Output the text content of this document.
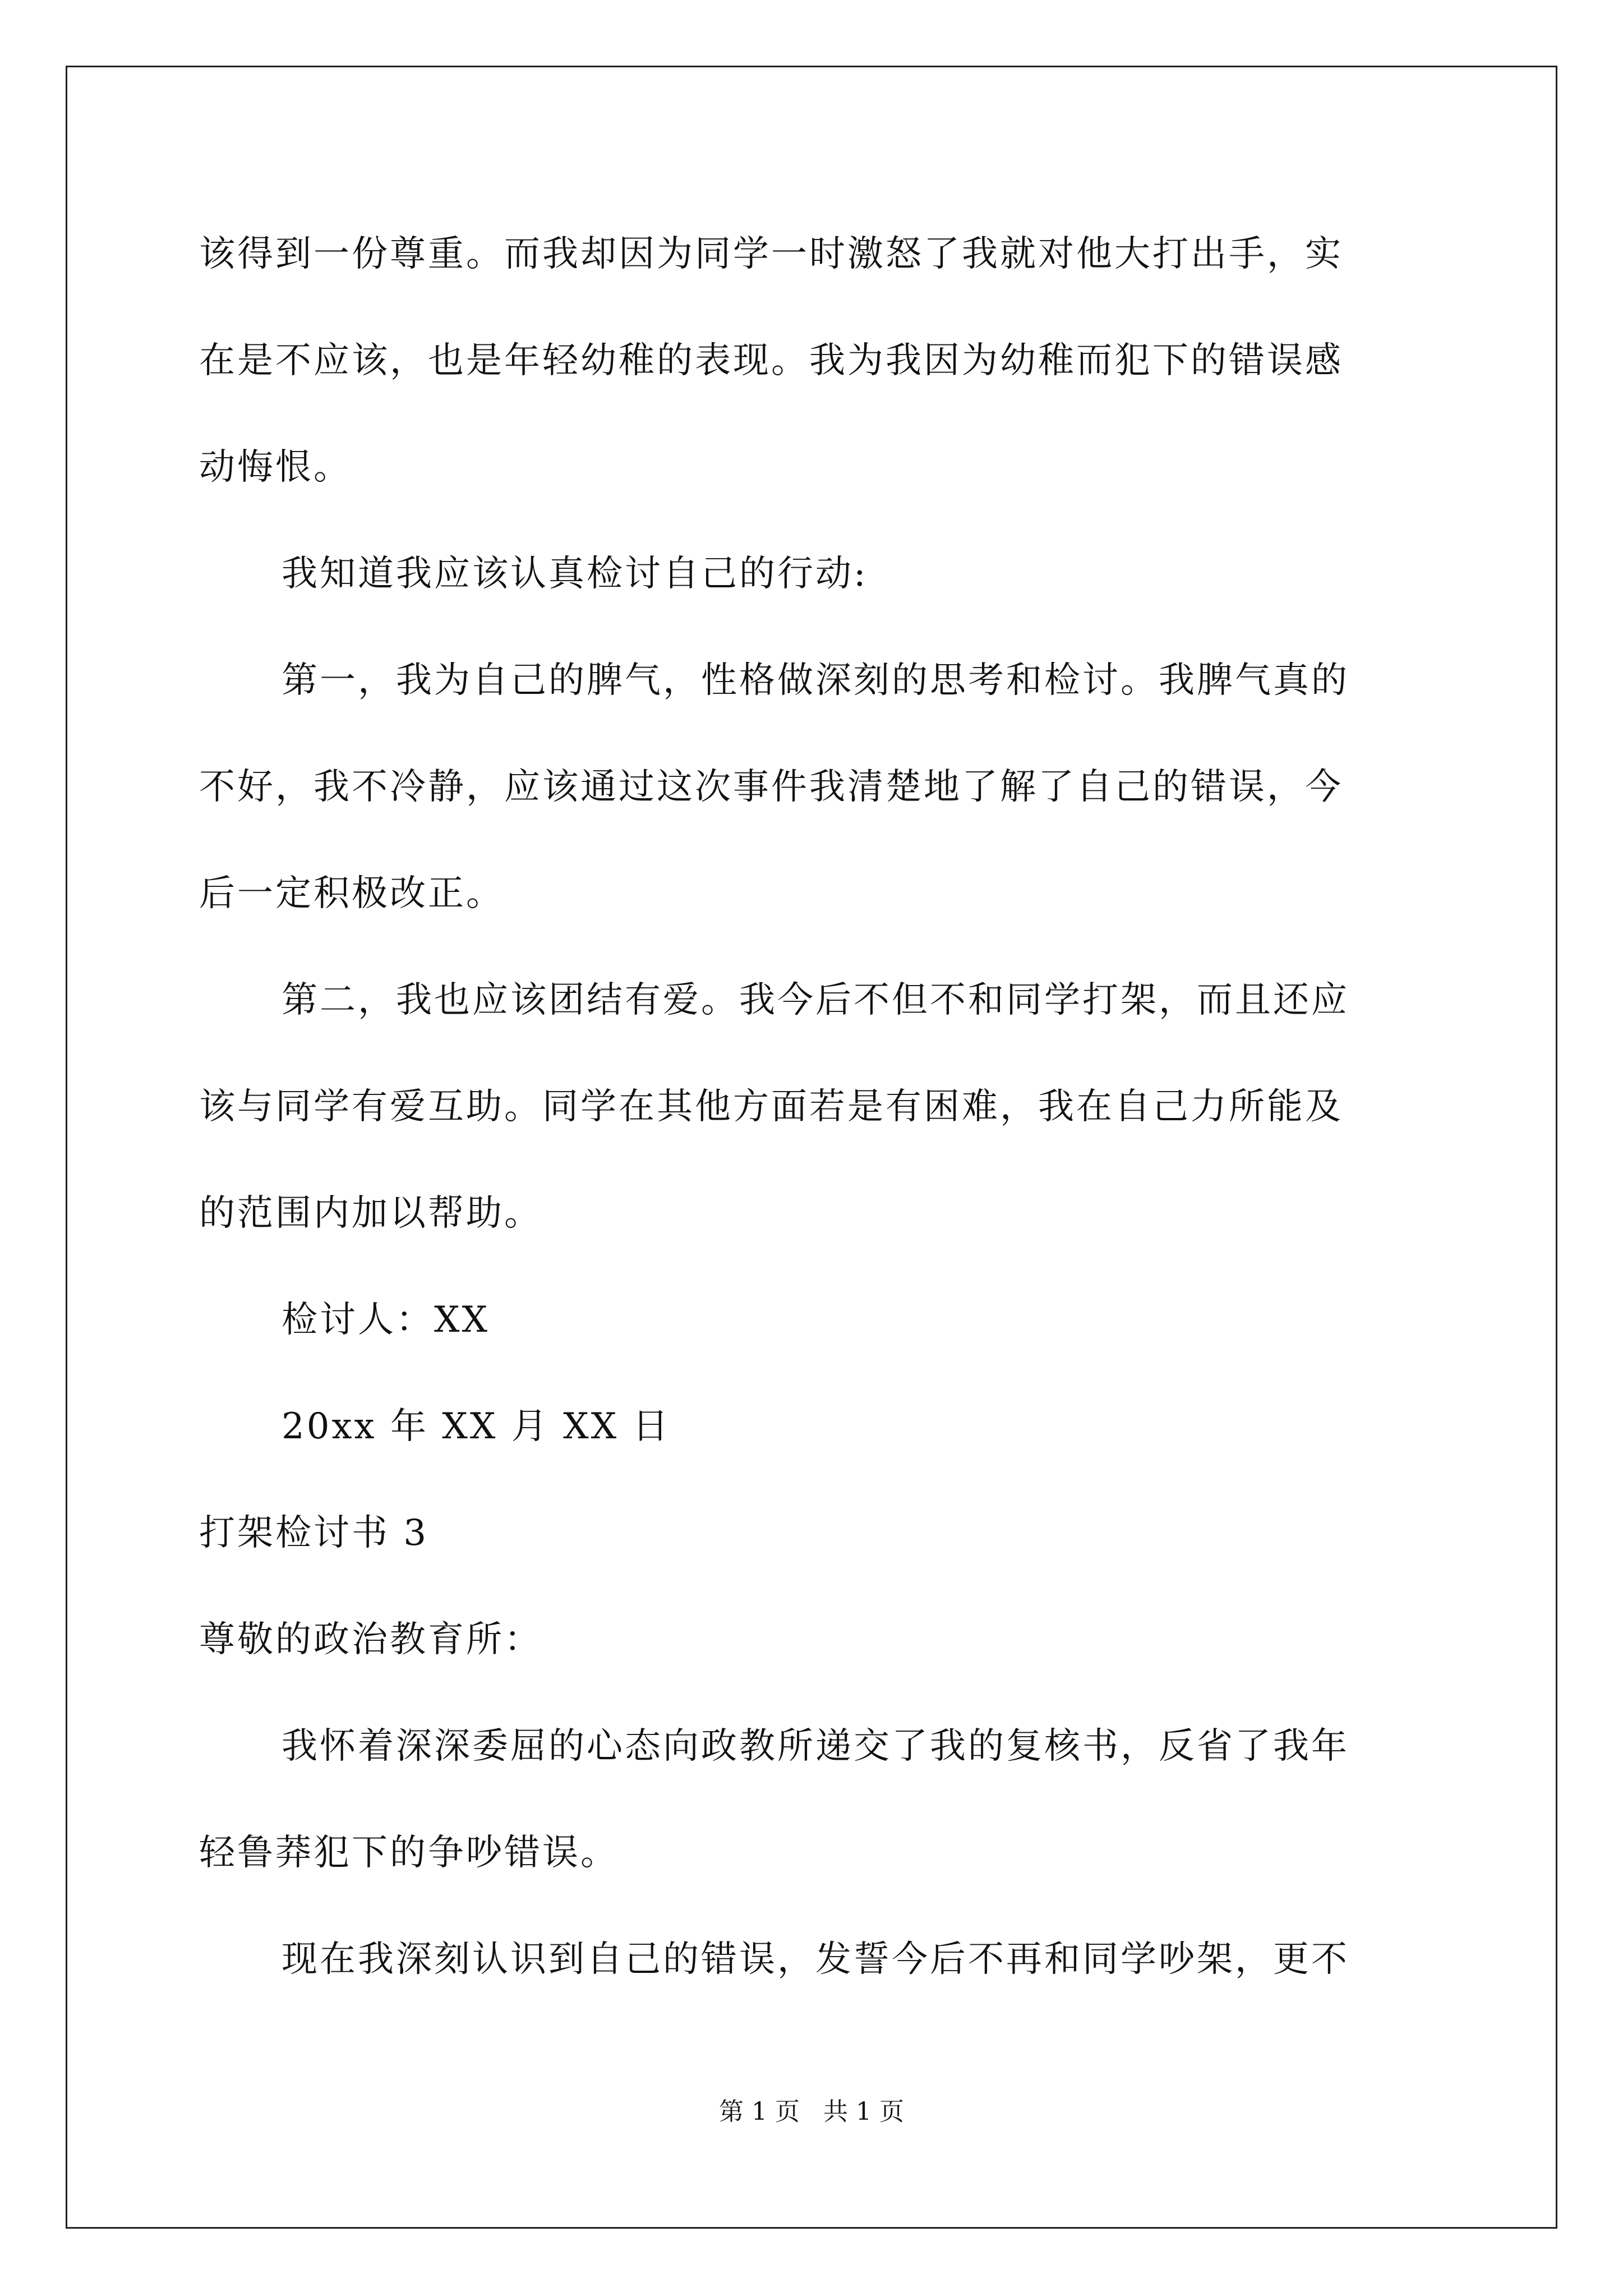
该得到一份尊重。而我却因为同学一时激怒了我就对他大打出手，实
在是不应该，也是年轻幼稚的表现。我为我因为幼稚而犯下的错误感
动悔恨。
我知道我应该认真检讨自己的行动:
第一，我为自己的脾气，性格做深刻的思考和检讨。我脾气真的
不好，我不冷静，应该通过这次事件我清楚地了解了自己的错误，今
后一定积极改正。
第二，我也应该团结有爱。我今后不但不和同学打架，而且还应
该与同学有爱互助。同学在其他方面若是有困难，我在自己力所能及
的范围内加以帮助。
检讨人：XX
20xx 年 XX 月 XX 日
打架检讨书 3
尊敬的政治教育所：
我怀着深深委屈的心态向政教所递交了我的复核书，反省了我年
轻鲁莽犯下的争吵错误。
现在我深刻认识到自己的错误，发誓今后不再和同学吵架，更不
第 1 页   共 1 页
